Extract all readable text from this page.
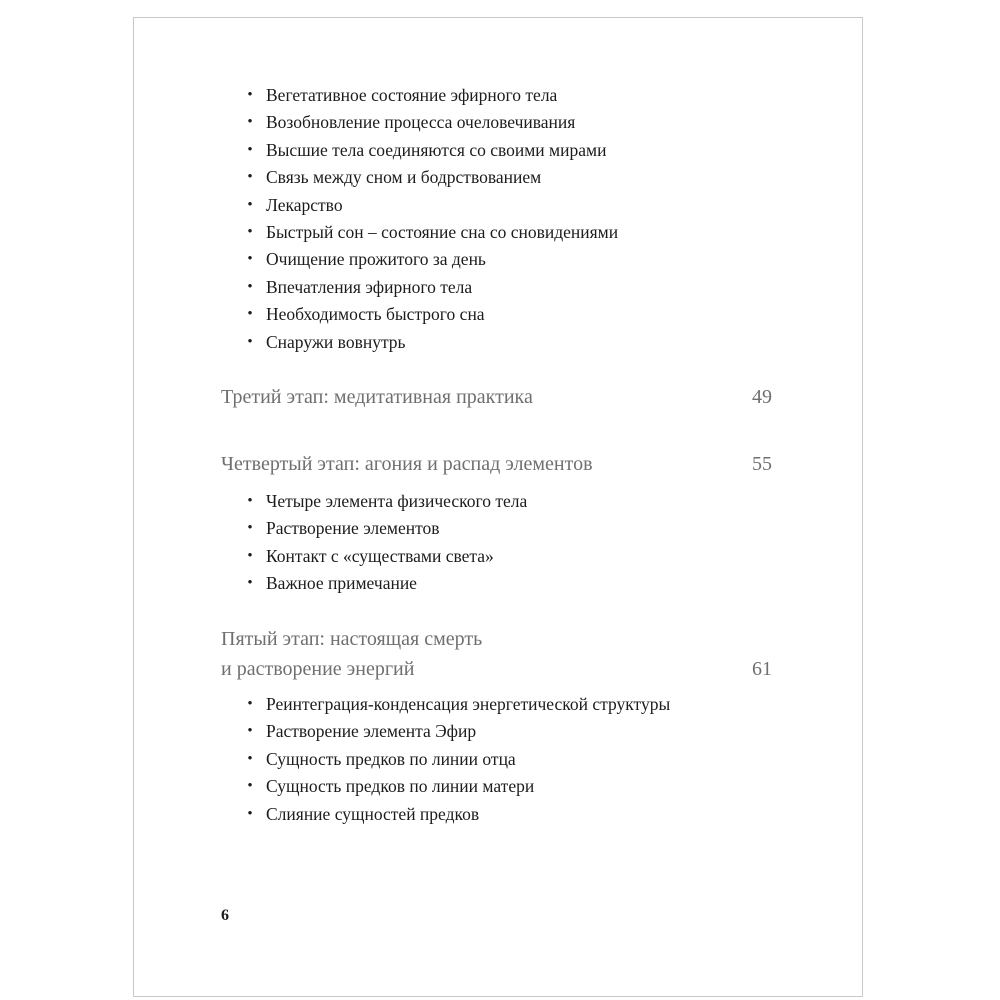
• Вегетативное состояние эфирного тела
• Возобновление процесса очеловечивания
• Высшие тела соединяются со своими мирами
• Связь между сном и бодрствованием
• Лекарство
• Быстрый сон – состояние сна со сновидениями
• Очищение прожитого за день
• Впечатления эфирного тела
• Необходимость быстрого сна
• Снаружи вовнутрь
Третий этап: медитативная практика	49
Четвертый этап: агония и распад элементов	55
• Четыре элемента физического тела
• Растворение элементов
• Контакт с «существами света»
• Важное примечание
Пятый этап: настоящая смерть
и растворение энергий	61
• Реинтеграция-конденсация энергетической структуры
• Растворение элемента Эфир
• Сущность предков по линии отца
• Сущность предков по линии матери
• Слияние сущностей предков
6
